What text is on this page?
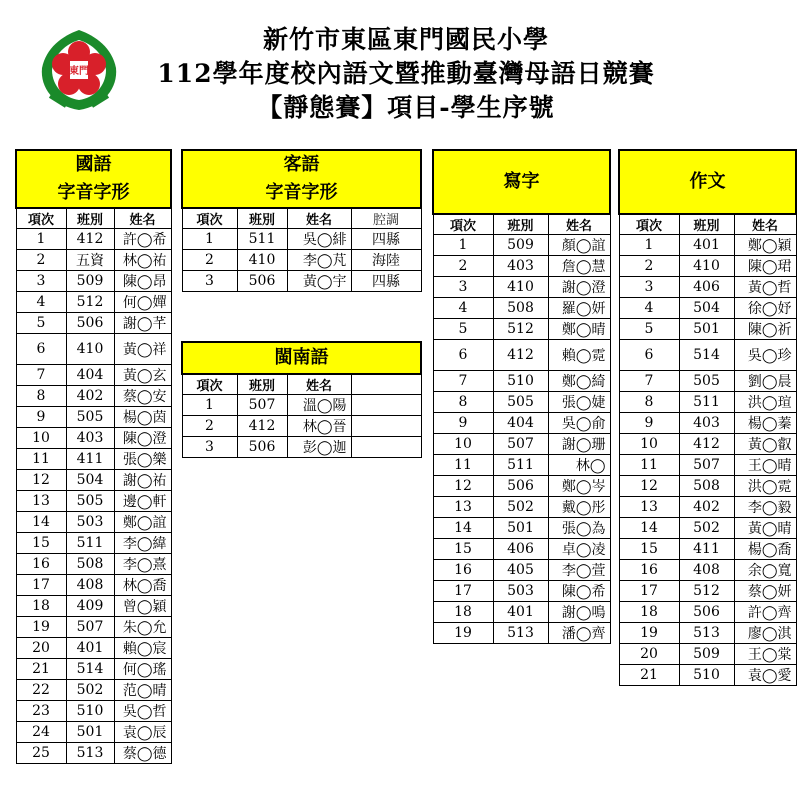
東門
新竹市東區東門國民小學
112學年度校內語文暨推動臺灣母語日競賽
【靜態賽】項目-學生序號
國語
字音字形		

項次	班別	姓名
1	412	許◯希
2	五資	林◯祐
3	509	陳◯昂
4	512	何◯嬋
5	506	謝◯芊
6	410	黃◯祥
7	404	黃◯玄
8	402	蔡◯安
9	505	楊◯茵
10	403	陳◯澄
11	411	張◯樂
12	504	謝◯祐
13	505	邊◯軒
14	503	鄭◯誼
15	511	李◯緯
16	508	李◯熹
17	408	林◯喬
18	409	曾◯穎
19	507	朱◯允
20	401	賴◯宸
21	514	何◯瑤
22	502	范◯晴
23	510	吳◯哲
24	501	袁◯辰
25	513	蔡◯德
客語
字音字形			

項次	班別	姓名	腔調
1	511	吳◯緋	四縣
2	410	李◯芃	海陸
3	506	黃◯宇	四縣
閩南語			
項次	班別	姓名	
1	507	溫◯陽	
2	412	林◯晉	
3	506	彭◯迦	
寫字		
項次	班別	姓名
1	509	顏◯誼
2	403	詹◯慧
3	410	謝◯澄
4	508	羅◯妍
5	512	鄭◯晴
6	412	賴◯霓
7	510	鄭◯綺
8	505	張◯婕
9	404	吳◯俞
10	507	謝◯珊
11	511	林◯
12	506	鄭◯岑
13	502	戴◯彤
14	501	張◯為
15	406	卓◯凌
16	405	李◯萱
17	503	陳◯希
18	401	謝◯鳴
19	513	潘◯齊
作文		
項次	班別	姓名
1	401	鄭◯穎
2	410	陳◯珺
3	406	黃◯哲
4	504	徐◯妤
5	501	陳◯祈
6	514	吳◯珍
7	505	劉◯晨
8	511	洪◯瑄
9	403	楊◯蓁
10	412	黃◯叡
11	507	王◯晴
12	508	洪◯霓
13	402	李◯毅
14	502	黃◯晴
15	411	楊◯喬
16	408	余◯寬
17	512	蔡◯妍
18	506	許◯齊
19	513	廖◯淇
20	509	王◯棠
21	510	袁◯愛
